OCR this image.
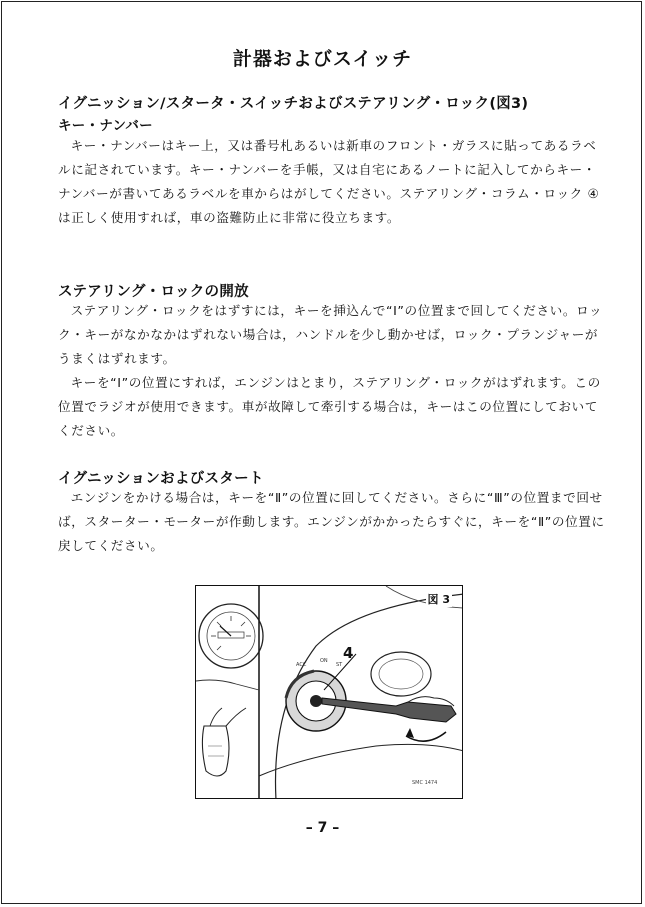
計器およびスイッチ
イグニッション/スタータ・スイッチおよびステアリング・ロック(図3)
キー・ナンバー
キー・ナンバーはキー上，又は番号札あるいは新車のフロント・ガラスに貼ってあるラベルに記されています。キー・ナンバーを手帳，又は自宅にあるノートに記入してからキー・ナンバーが書いてあるラベルを車からはがしてください。ステアリング・コラム・ロック ④ は正しく使用すれば，車の盗難防止に非常に役立ちます。
ステアリング・ロックの開放
ステアリング・ロックをはずすには，キーを挿込んで“Ⅰ”の位置まで回してください。ロック・キーがなかなかはずれない場合は，ハンドルを少し動かせば，ロック・プランジャーがうまくはずれます。
キーを“Ⅰ”の位置にすれば，エンジンはとまり，ステアリング・ロックがはずれます。この位置でラジオが使用できます。車が故障して牽引する場合は，キーはこの位置にしておいてください。
イグニッションおよびスタート
エンジンをかける場合は，キーを“Ⅱ”の位置に回してください。さらに“Ⅲ”の位置まで回せば，スターター・モーターが作動します。エンジンがかかったらすぐに，キーを“Ⅱ”の位置に戻してください。
ACC
ON
ST
図 3
4
SMC 1474
– 7 –
